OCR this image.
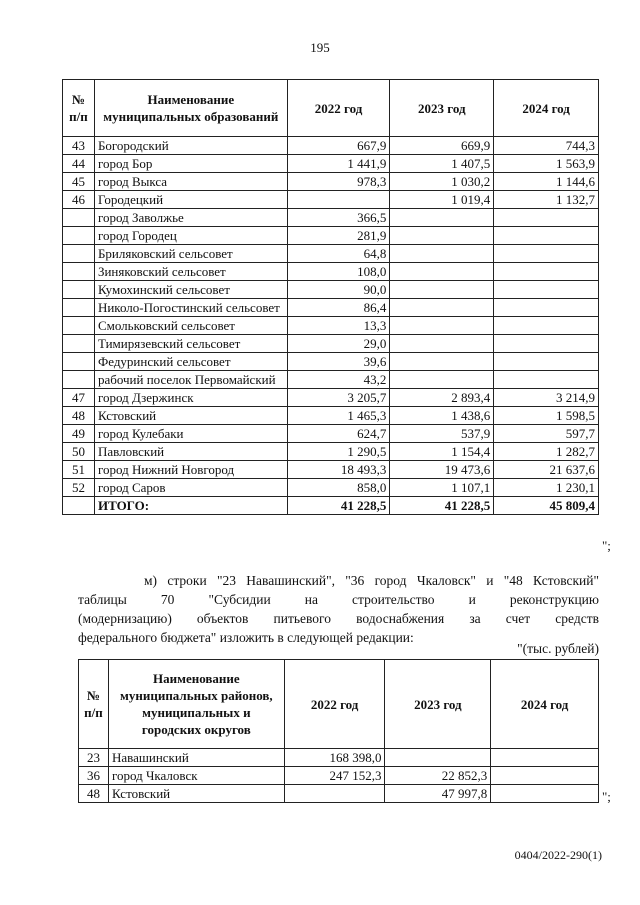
195
№ п/п	Наименование муниципальных образований	2022 год	2023 год	2024 год
43	Богородский	667,9	669,9	744,3
44	город Бор	1 441,9	1 407,5	1 563,9
45	город Выкса	978,3	1 030,2	1 144,6
46	Городецкий		1 019,4	1 132,7
	город Заволжье	366,5		
	город Городец	281,9		
	Бриляковский сельсовет	64,8		
	Зиняковский сельсовет	108,0		
	Кумохинский сельсовет	90,0		
	Николо-Погостинский сельсовет	86,4		
	Смольковский сельсовет	13,3		
	Тимирязевский сельсовет	29,0		
	Федуринский сельсовет	39,6		
	рабочий поселок Первомайский	43,2		
47	город Дзержинск	3 205,7	2 893,4	3 214,9
48	Кстовский	1 465,3	1 438,6	1 598,5
49	город Кулебаки	624,7	537,9	597,7
50	Павловский	1 290,5	1 154,4	1 282,7
51	город Нижний Новгород	18 493,3	19 473,6	21 637,6
52	город Саров	858,0	1 107,1	1 230,1
	ИТОГО:	41 228,5	41 228,5	45 809,4
";
м) строки "23 Навашинский", "36 город Чкаловск" и "48 Кстовский"
таблицы 70 "Субсидии на строительство и реконструкцию
(модернизацию) объектов питьевого водоснабжения за счет средств
федерального бюджета" изложить в следующей редакции:
"(тыс. рублей)
№ п/п	Наименование муниципальных районов, муниципальных и городских округов	2022 год	2023 год	2024 год
23	Навашинский	168 398,0		
36	город Чкаловск	247 152,3	22 852,3	
48	Кстовский		47 997,8		";
0404/2022-290(1)
